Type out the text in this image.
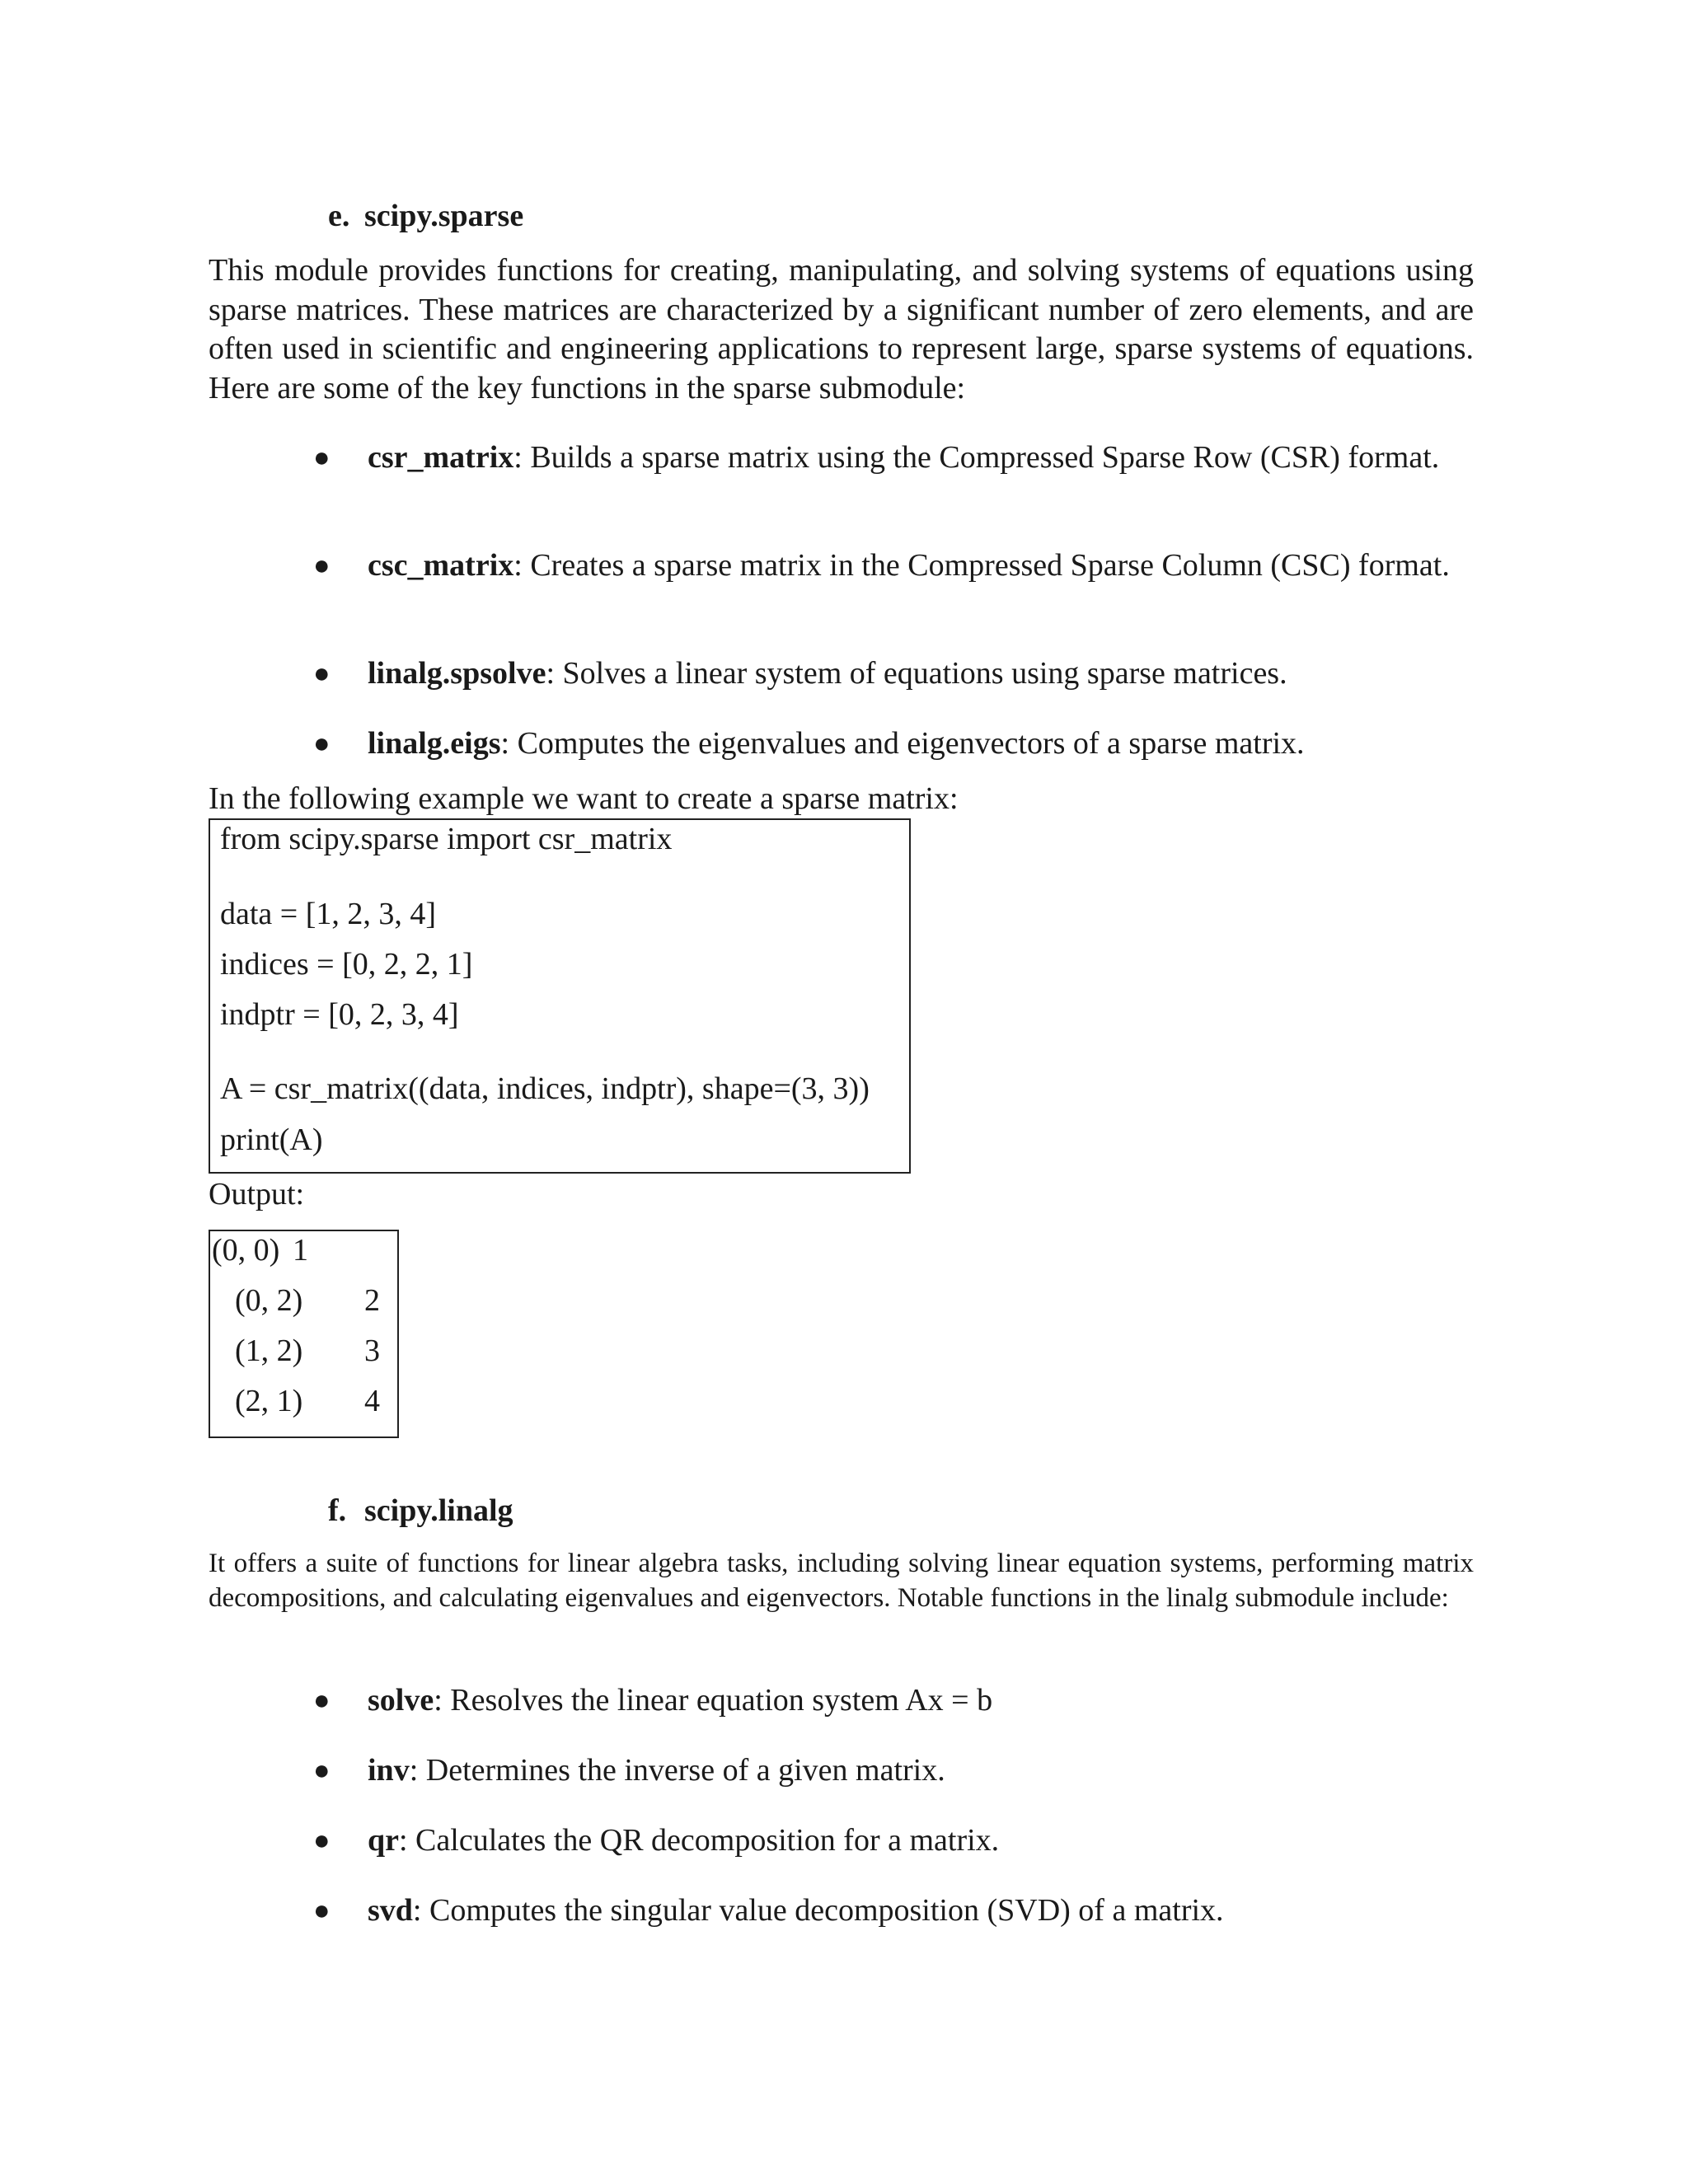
e. scipy.sparse
This module provides functions for creating, manipulating, and solving systems of equations using sparse matrices. These matrices are characterized by a significant number of zero elements, and are often used in scientific and engineering applications to represent large, sparse systems of equations. Here are some of the key functions in the sparse submodule:
● csr_matrix: Builds a sparse matrix using the Compressed Sparse Row (CSR) format.
● csc_matrix: Creates a sparse matrix in the Compressed Sparse Column (CSC) format.
● linalg.spsolve: Solves a linear system of equations using sparse matrices.
● linalg.eigs: Computes the eigenvalues and eigenvectors of a sparse matrix.
In the following example we want to create a sparse matrix:
from scipy.sparse import csr_matrix
data = [1, 2, 3, 4]
indices = [0, 2, 2, 1]
indptr = [0, 2, 3, 4]
A = csr_matrix((data, indices, indptr), shape=(3, 3))
print(A)
Output:
(0, 0) 1
(0, 2)	2
(1, 2)	3
(2, 1)	4
f. scipy.linalg
It offers a suite of functions for linear algebra tasks, including solving linear equation systems, performing matrix decompositions, and calculating eigenvalues and eigenvectors. Notable functions in the linalg submodule include:
● solve: Resolves the linear equation system Ax = b
● inv: Determines the inverse of a given matrix.
● qr: Calculates the QR decomposition for a matrix.
● svd: Computes the singular value decomposition (SVD) of a matrix.
